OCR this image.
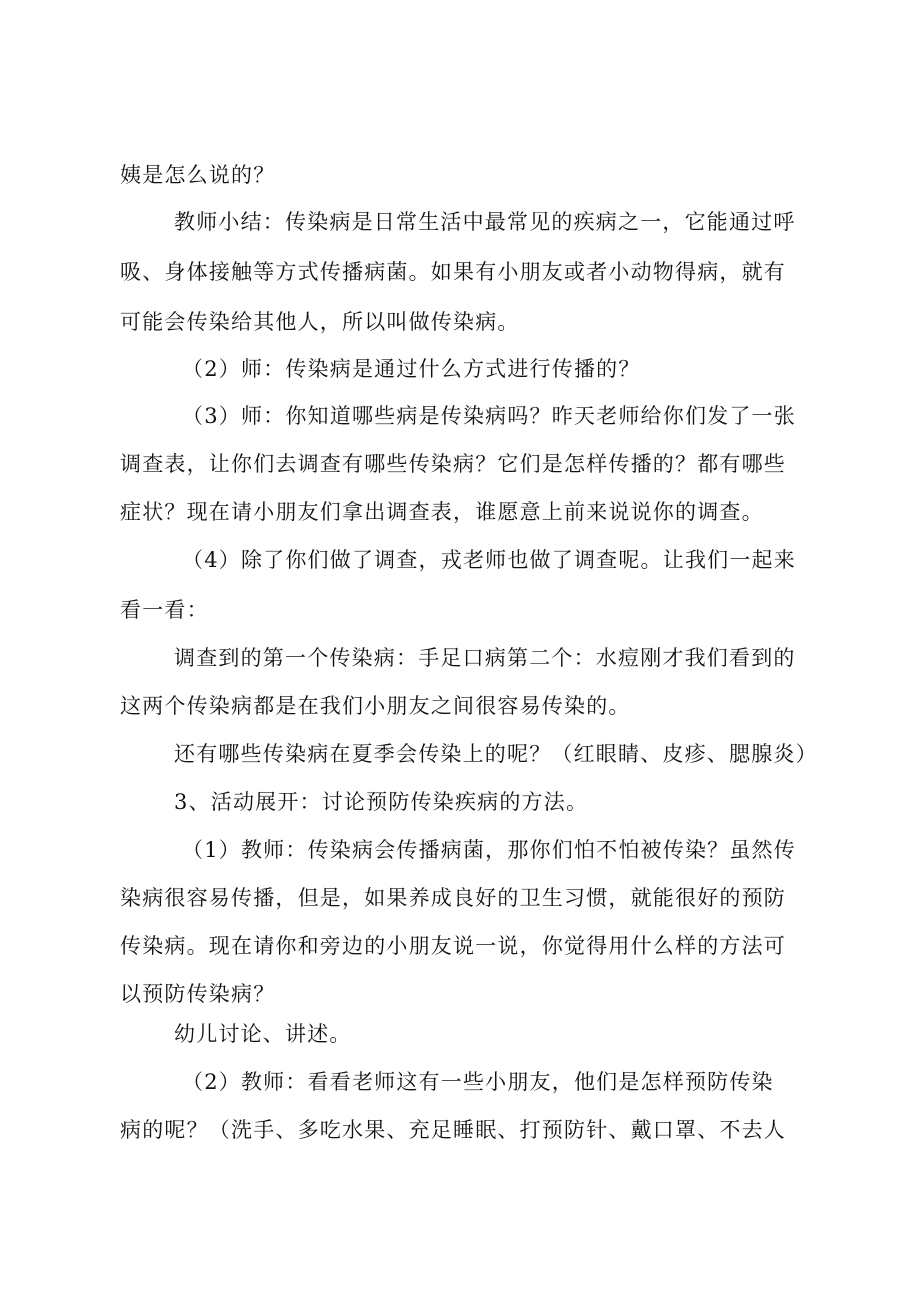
姨是怎么说的？
教师小结：传染病是日常生活中最常见的疾病之一，它能通过呼
吸、身体接触等方式传播病菌。如果有小朋友或者小动物得病，就有
可能会传染给其他人，所以叫做传染病。
（2）师：传染病是通过什么方式进行传播的？
（3）师：你知道哪些病是传染病吗？昨天老师给你们发了一张
调查表，让你们去调查有哪些传染病？它们是怎样传播的？都有哪些
症状？现在请小朋友们拿出调查表，谁愿意上前来说说你的调查。
（4）除了你们做了调查，戎老师也做了调查呢。让我们一起来
看一看：
调查到的第一个传染病：手足口病第二个：水痘刚才我们看到的
这两个传染病都是在我们小朋友之间很容易传染的。
还有哪些传染病在夏季会传染上的呢？（红眼睛、皮疹、腮腺炎）
3、活动展开：讨论预防传染疾病的方法。
（1）教师：传染病会传播病菌，那你们怕不怕被传染？虽然传
染病很容易传播，但是，如果养成良好的卫生习惯，就能很好的预防
传染病。现在请你和旁边的小朋友说一说，你觉得用什么样的方法可
以预防传染病？
幼儿讨论、讲述。
（2）教师：看看老师这有一些小朋友，他们是怎样预防传染
病的呢？（洗手、多吃水果、充足睡眠、打预防针、戴口罩、不去人
